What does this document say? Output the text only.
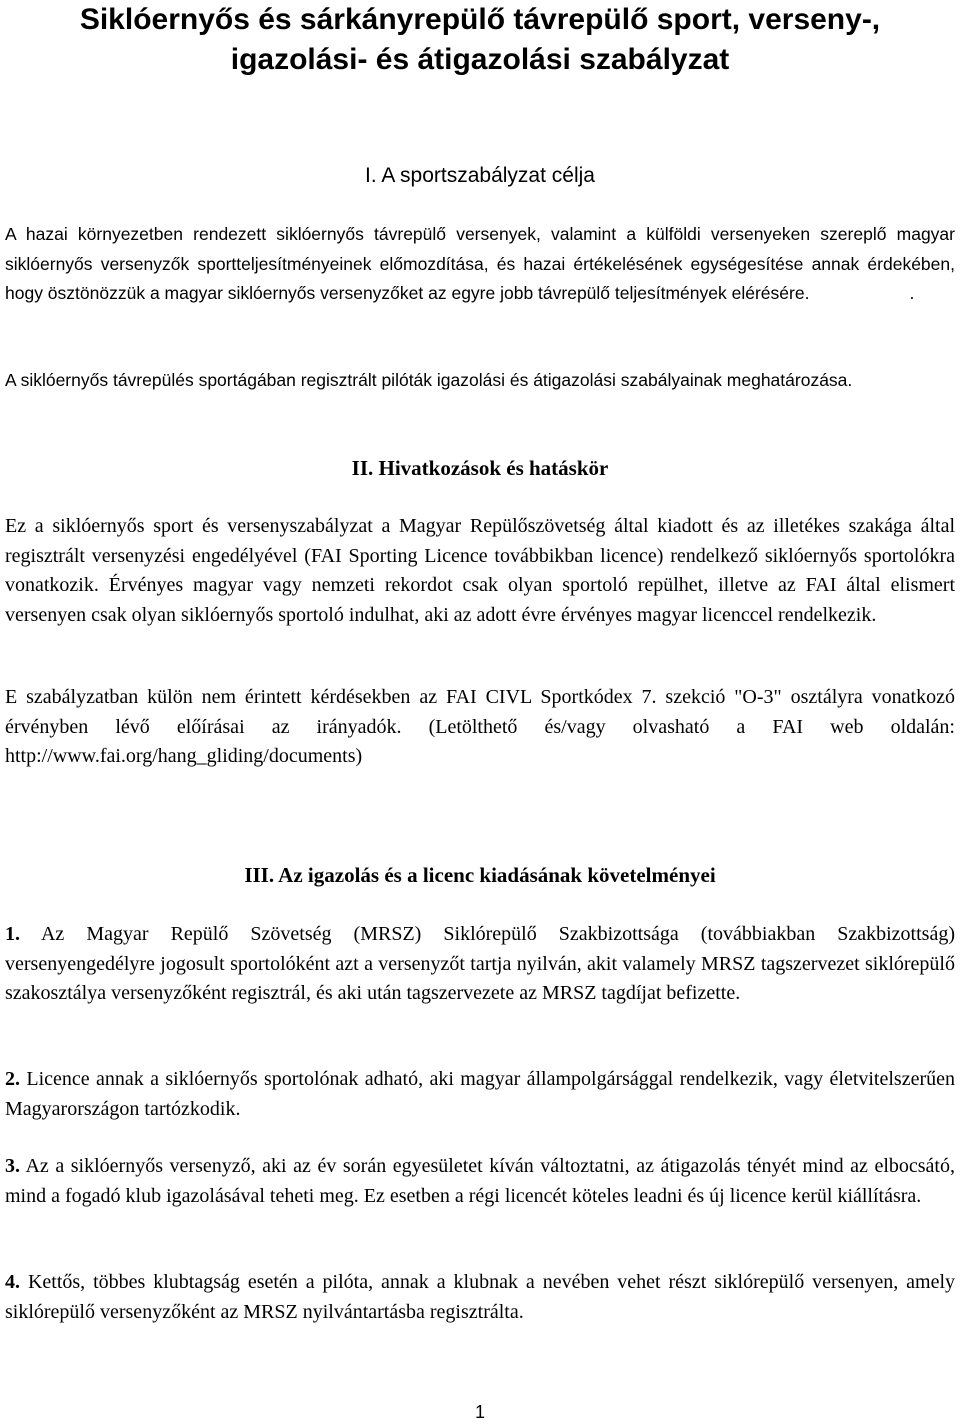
Siklóernyős és sárkányrepülő távrepülő sport, verseny-,
igazolási- és átigazolási szabályzat
I. A sportszabályzat célja
A hazai környezetben rendezett siklóernyős távrepülő versenyek, valamint a külföldi versenyeken szereplő magyar siklóernyős versenyzők sportteljesítményeinek előmozdítása, és hazai értékelésének egységesítése annak érdekében, hogy ösztönözzük a magyar siklóernyős versenyzőket az egyre jobb távrepülő teljesítmények elérésére.	.
A siklóernyős távrepülés sportágában regisztrált pilóták igazolási és átigazolási szabályainak meghatározása.
II. Hivatkozások és hatáskör
Ez a siklóernyős sport és versenyszabályzat a Magyar Repülőszövetség által kiadott és az illetékes szakága által regisztrált versenyzési engedélyével (FAI Sporting Licence továbbikban licence) rendelkező siklóernyős sportolókra vonatkozik. Érvényes magyar vagy nemzeti rekordot csak olyan sportoló repülhet, illetve az FAI által elismert versenyen csak olyan siklóernyős sportoló indulhat, aki az adott évre érvényes magyar licenccel rendelkezik.
E szabályzatban külön nem érintett kérdésekben az FAI CIVL Sportkódex 7. szekció "O-3" osztályra vonatkozó érvényben lévő előírásai az irányadók. (Letölthető és/vagy olvasható a FAI web oldalán: http://www.fai.org/hang_gliding/documents)
III. Az igazolás és a licenc kiadásának követelményei
1. Az Magyar Repülő Szövetség (MRSZ) Siklórepülő Szakbizottsága (továbbiakban Szakbizottság) versenyengedélyre jogosult sportolóként azt a versenyzőt tartja nyilván, akit valamely MRSZ tagszervezet siklórepülő szakosztálya versenyzőként regisztrál, és aki után tagszervezete az MRSZ tagdíjat befizette.
2. Licence annak a siklóernyős sportolónak adható, aki magyar állampolgársággal rendelkezik, vagy életvitelszerűen Magyarországon tartózkodik.
3. Az a siklóernyős versenyző, aki az év során egyesületet kíván változtatni, az átigazolás tényét mind az elbocsátó, mind a fogadó klub igazolásával teheti meg. Ez esetben a régi licencét köteles leadni és új licence kerül kiállításra.
4. Kettős, többes klubtagság esetén a pilóta, annak a klubnak a nevében vehet részt siklórepülő versenyen, amely siklórepülő versenyzőként az MRSZ nyilvántartásba regisztrálta.
1
